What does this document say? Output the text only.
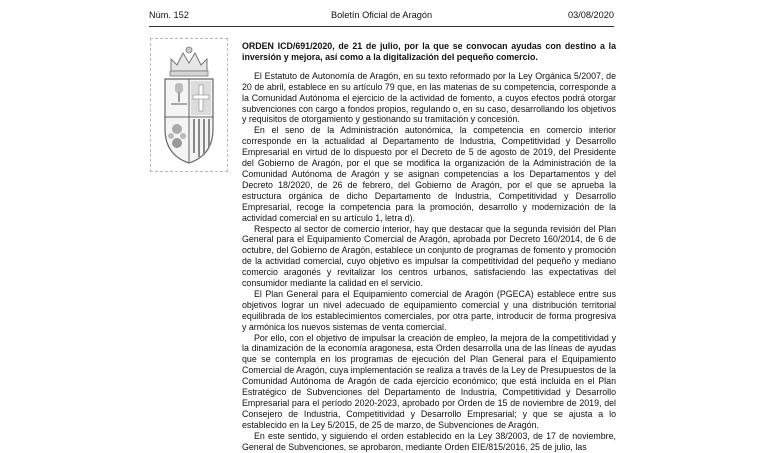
Núm. 152	Boletín Oficial de Aragón	03/08/2020

ORDEN ICD/691/2020, de 21 de julio, por la que se convocan ayudas con destino a la inversión y mejora, así como a la digitalización del pequeño comercio.

El Estatuto de Autonomía de Aragón, en su texto reformado por la Ley Orgánica 5/2007, de 20 de abril, establece en su artículo 79 que, en las materias de su competencia, corresponde a la Comunidad Autónoma el ejercicio de la actividad de fomento, a cuyos efectos podrá otorgar subvenciones con cargo a fondos propios, regulando o, en su caso, desarrollando los objetivos y requisitos de otorgamiento y gestionando su tramitación y concesión.

En el seno de la Administración autonómica, la competencia en comercio interior corresponde en la actualidad al Departamento de Industria, Competitividad y Desarrollo Empresarial en virtud de lo dispuesto por el Decreto de 5 de agosto de 2019, del Presidente del Gobierno de Aragón, por el que se modifica la organización de la Administración de la Comunidad Autónoma de Aragón y se asignan competencias a los Departamentos y del Decreto 18/2020, de 26 de febrero, del Gobierno de Aragón, por el que se aprueba la estructura orgánica de dicho Departamento de Industria, Competitividad y Desarrollo Empresarial, recoge la competencia para la promoción, desarrollo y modernización de la actividad comercial en su artículo 1, letra d).

Respecto al sector de comercio interior, hay que destacar que la segunda revisión del Plan General para el Equipamiento Comercial de Aragón, aprobada por Decreto 160/2014, de 6 de octubre, del Gobierno de Aragón, establece un conjunto de programas de fomento y promoción de la actividad comercial, cuyo objetivo es impulsar la competitividad del pequeño y mediano comercio aragonés y revitalizar los centros urbanos, satisfaciendo las expectativas del consumidor mediante la calidad en el servicio.

El Plan General para el Equipamiento comercial de Aragón (PGECA) establece entre sus objetivos lograr un nivel adecuado de equipamiento comercial y una distribución territorial equilibrada de los establecimientos comerciales, por otra parte, introducir de forma progresiva y armónica los nuevos sistemas de venta comercial.

Por ello, con el objetivo de impulsar la creación de empleo, la mejora de la competitividad y la dinamización de la economía aragonesa, esta Orden desarrolla una de las líneas de ayudas que se contempla en los programas de ejecución del Plan General para el Equipamiento Comercial de Aragón, cuya implementación se realiza a través de la Ley de Presupuestos de la Comunidad Autónoma de Aragón de cada ejercicio económico; que está incluida en el Plan Estratégico de Subvenciones del Departamento de Industria, Competitividad y Desarrollo Empresarial para el período 2020-2023, aprobado por Orden de 15 de noviembre de 2019, del Consejero de Industria, Competitividad y Desarrollo Empresarial; y que se ajusta a lo establecido en la Ley 5/2015, de 25 de marzo, de Subvenciones de Aragón.

En este sentido, y siguiendo el orden establecido en la Ley 38/2003, de 17 de noviembre, General de Subvenciones, se aprobaron, mediante Orden EIE/815/2016, 25 de julio, las
